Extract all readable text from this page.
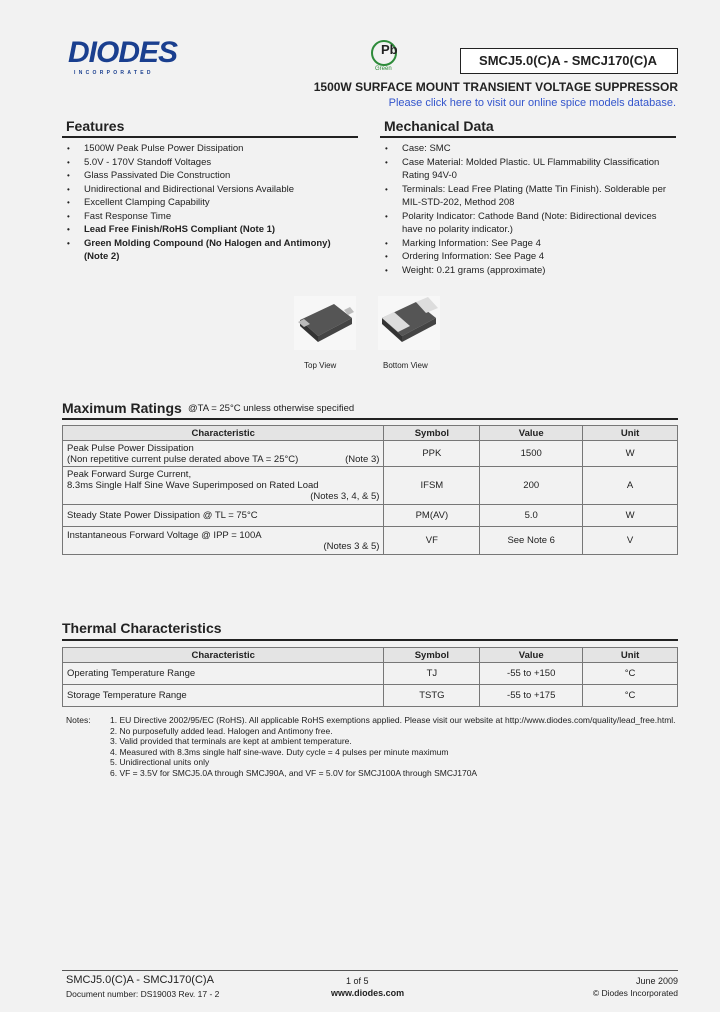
DIODES
INCORPORATED
Pb
Green
SMCJ5.0(C)A - SMCJ170(C)A
1500W SURFACE MOUNT TRANSIENT VOLTAGE SUPPRESSOR
Please click here to visit our online spice models database.
Features
• 1500W Peak Pulse Power Dissipation
• 5.0V - 170V Standoff Voltages
• Glass Passivated Die Construction
• Unidirectional and Bidirectional Versions Available
• Excellent Clamping Capability
• Fast Response Time
• Lead Free Finish/RoHS Compliant (Note 1)
• Green Molding Compound (No Halogen and Antimony) (Note 2)
Mechanical Data
• Case: SMC
• Case Material: Molded Plastic. UL Flammability Classification Rating 94V-0
• Terminals: Lead Free Plating (Matte Tin Finish). Solderable per MIL-STD-202, Method 208
• Polarity Indicator: Cathode Band (Note: Bidirectional devices have no polarity indicator.)
• Marking Information: See Page 4
• Ordering Information: See Page 4
• Weight: 0.21 grams (approximate)
Top View	Bottom View
Maximum Ratings @TA = 25°C unless otherwise specified
Characteristic	Symbol	Value	Unit

Peak Pulse Power Dissipation
(Non repetitive current pulse derated above TA = 25°C) (Note 3)	PPK	1500	W

Peak Forward Surge Current,
8.3ms Single Half Sine Wave Superimposed on Rated Load
(Notes 3, 4, & 5)	IFSM	200	A
Steady State Power Dissipation @ TL = 75°C	PM(AV)	5.0	W

Instantaneous Forward Voltage @ IPP = 100A
(Notes 3 & 5)	VF	See Note 6	V
Thermal Characteristics
Characteristic	Symbol	Value	Unit
Operating Temperature Range	TJ	-55 to +150	°C
Storage Temperature Range	TSTG	-55 to +175	°C
Notes: 1. EU Directive 2002/95/EC (RoHS). All applicable RoHS exemptions applied. Please visit our website at http://www.diodes.com/quality/lead_free.html.
2. No purposefully added lead. Halogen and Antimony free.
3. Valid provided that terminals are kept at ambient temperature.
4. Measured with 8.3ms single half sine-wave. Duty cycle = 4 pulses per minute maximum
5. Unidirectional units only
6. VF = 3.5V for SMCJ5.0A through SMCJ90A, and VF = 5.0V for SMCJ100A through SMCJ170A
SMCJ5.0(C)A - SMCJ170(C)A
Document number: DS19003 Rev. 17 - 2
1 of 5
www.diodes.com
June 2009
© Diodes Incorporated
